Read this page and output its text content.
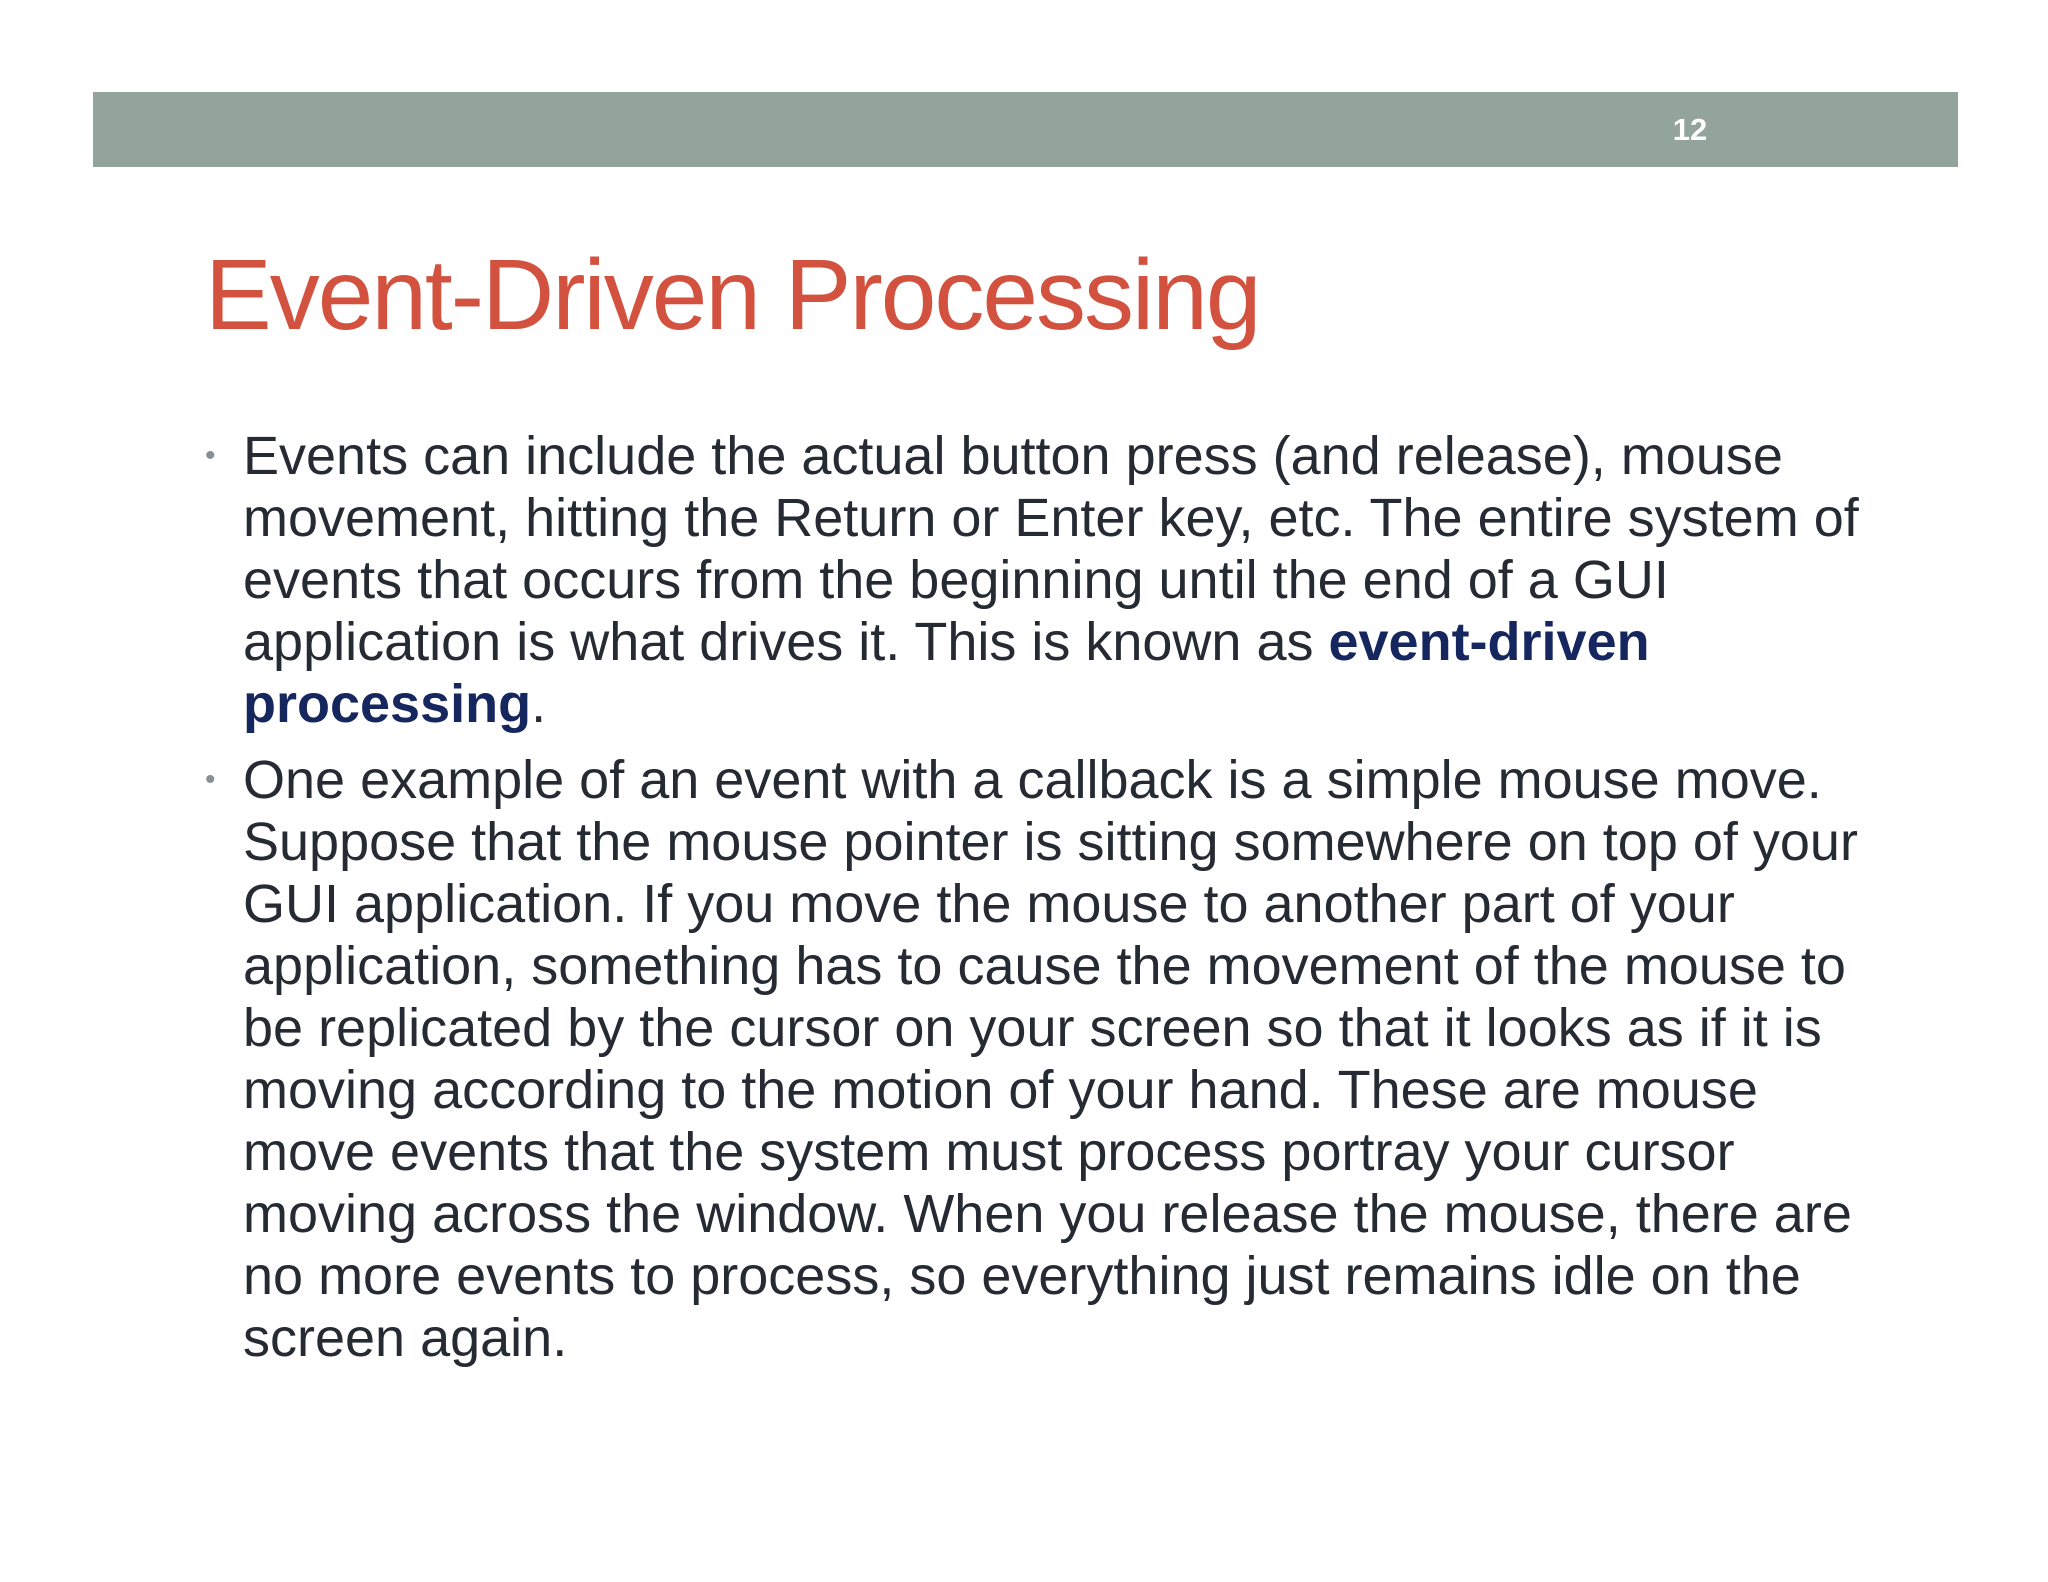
12
Event-Driven Processing
• Events can include the actual button press (and release), mouse movement, hitting the Return or Enter key, etc. The entire system of events that occurs from the beginning until the end of a GUI application is what drives it. This is known as event-driven processing.
• One example of an event with a callback is a simple mouse move. Suppose that the mouse pointer is sitting somewhere on top of your GUI application. If you move the mouse to another part of your application, something has to cause the movement of the mouse to be replicated by the cursor on your screen so that it looks as if it is moving according to the motion of your hand. These are mouse move events that the system must process portray your cursor moving across the window. When you release the mouse, there are no more events to process, so everything just remains idle on the screen again.
